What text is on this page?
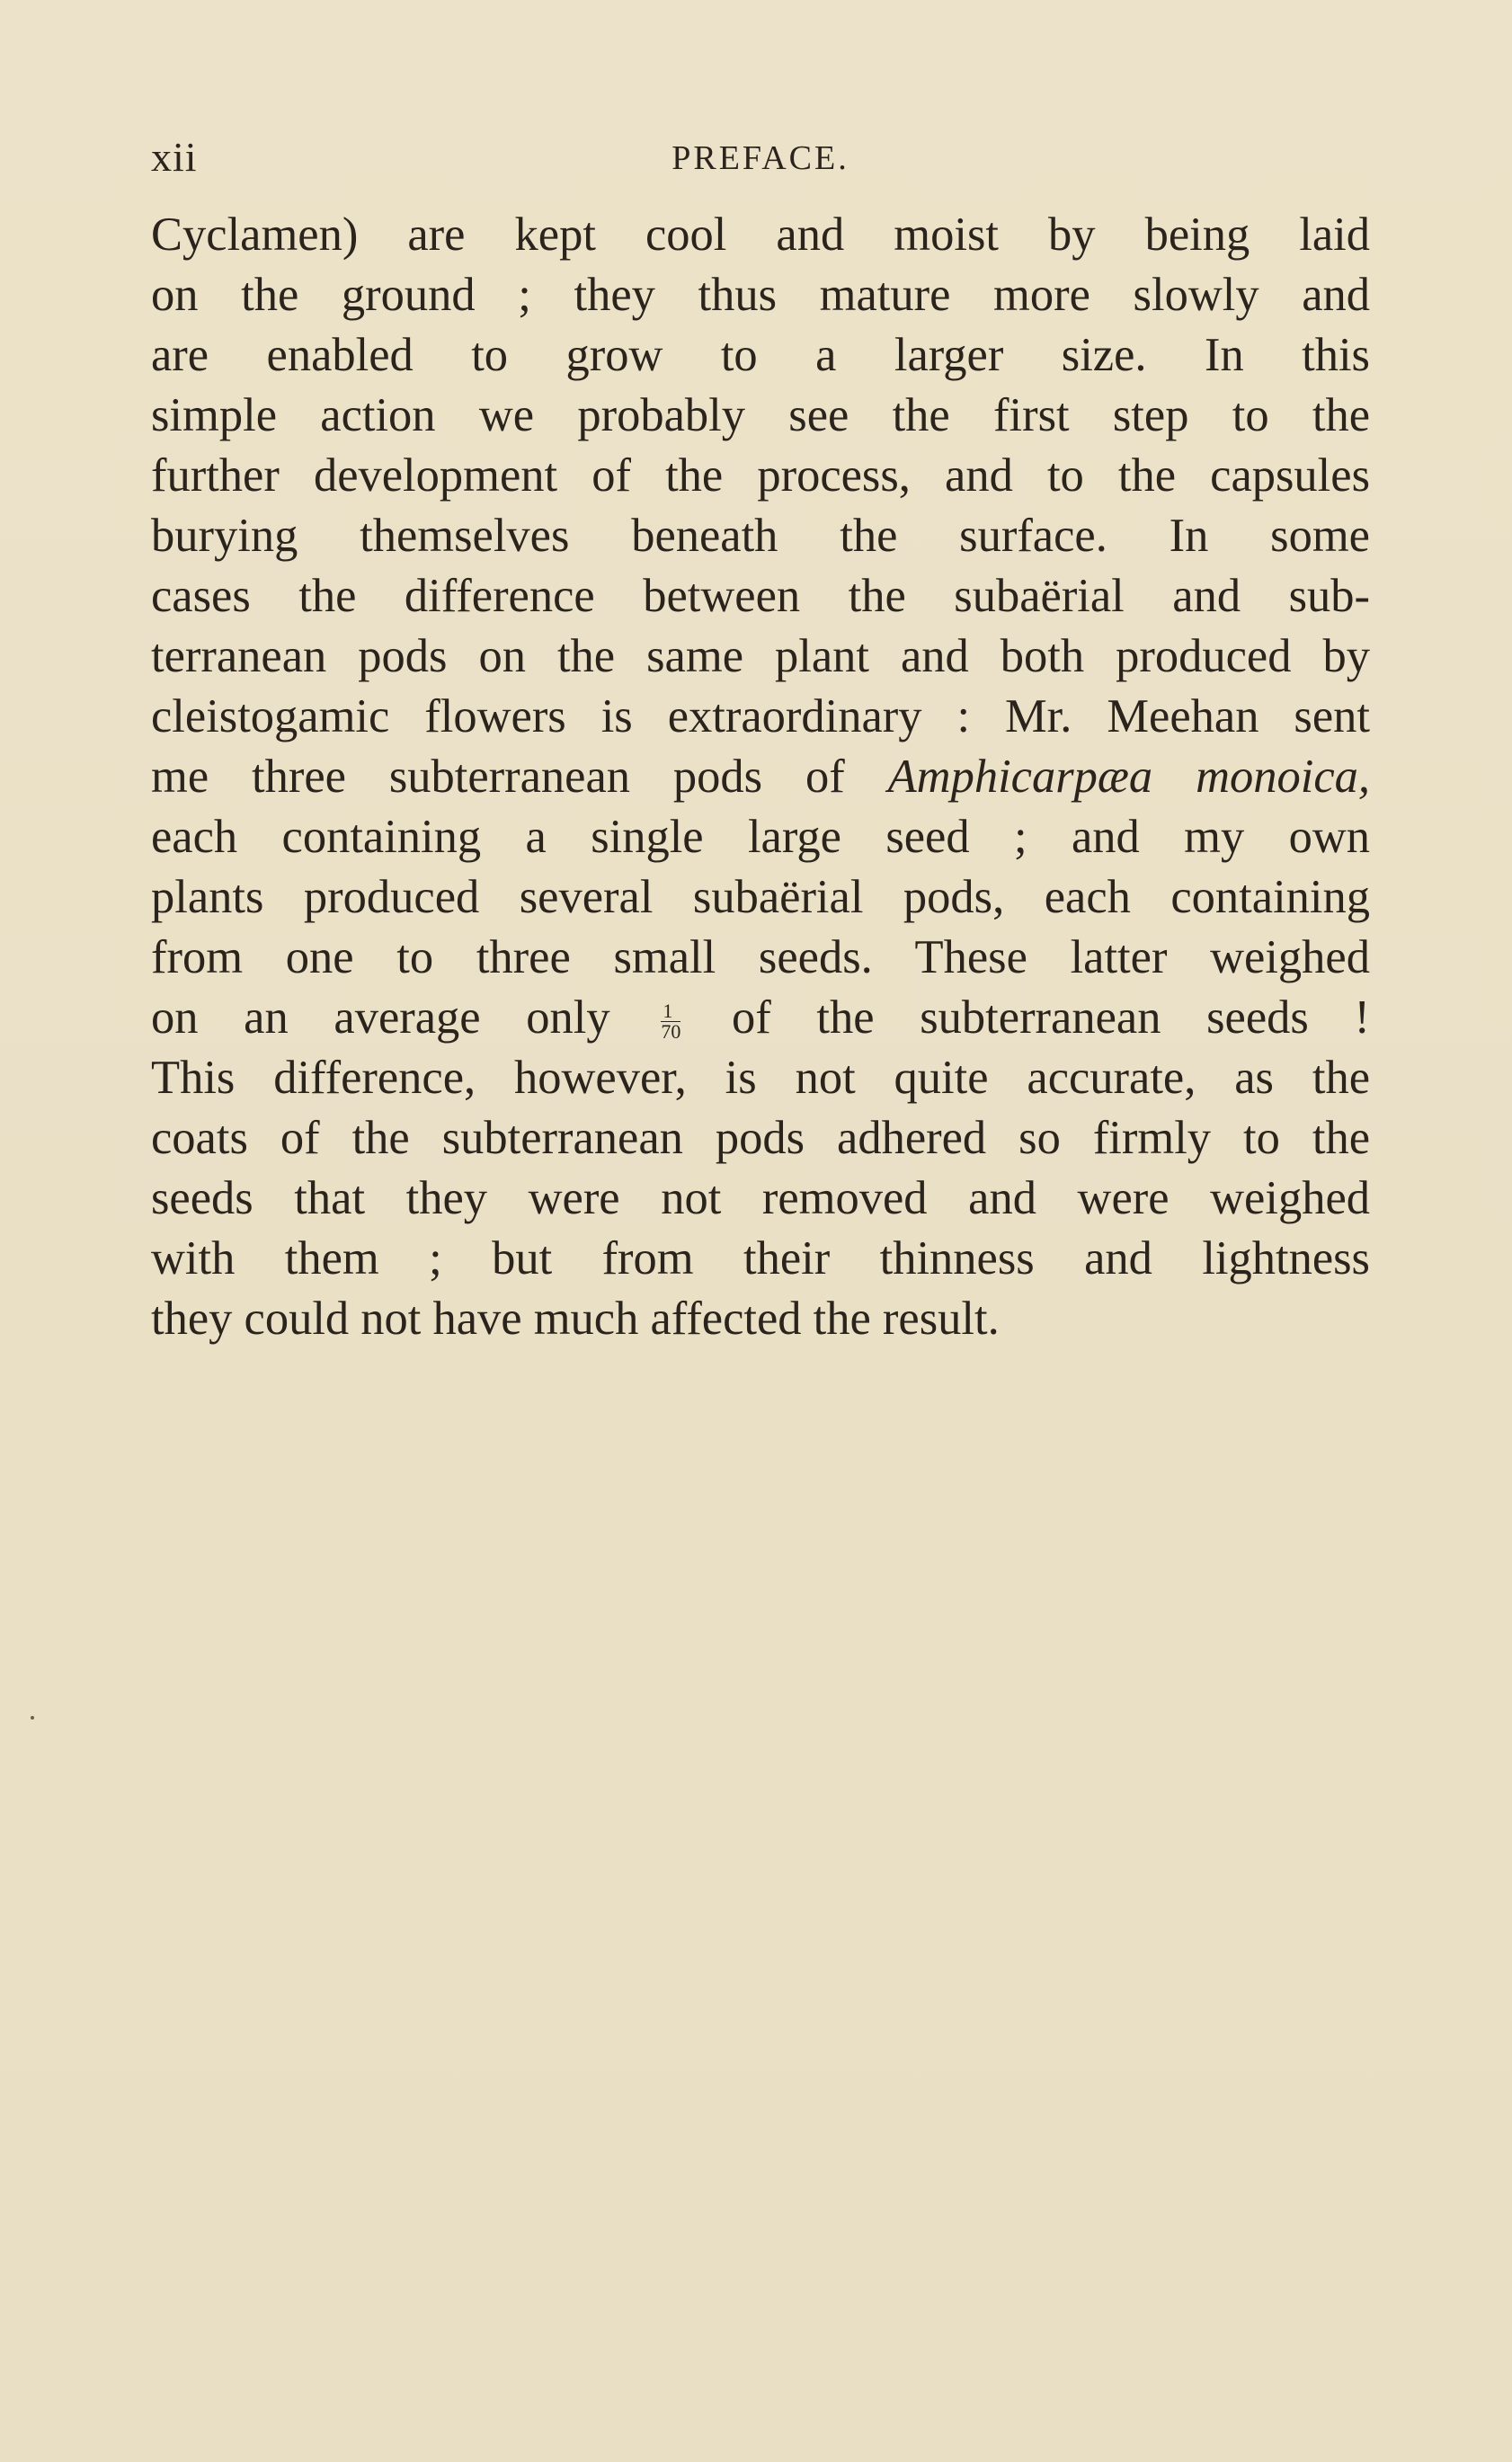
xii	PREFACE.
Cyclamen) are kept cool and moist by being laid
on the ground ; they thus mature more slowly and
are enabled to grow to a larger size. In this
simple action we probably see the first step to the
further development of the process, and to the capsules
burying themselves beneath the surface. In some
cases the difference between the subaërial and sub-
terranean pods on the same plant and both produced by
cleistogamic flowers is extraordinary : Mr. Meehan sent
me three subterranean pods of Amphicarpæa monoica,
each containing a single large seed ; and my own
plants produced several subaërial pods, each containing
from one to three small seeds. These latter weighed
on an average only	$\frac{1}{70}$ of the subterranean seeds !
This difference, however, is not quite accurate, as the
coats of the subterranean pods adhered so firmly to the
seeds that they were not removed and were weighed
with them ; but from their thinness and lightness
they could not have much affected the result.
